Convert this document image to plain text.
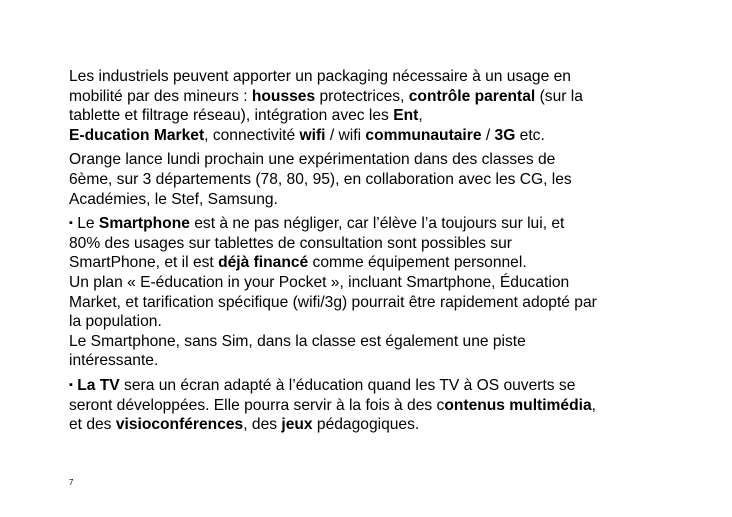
Les industriels peuvent apporter un packaging nécessaire à un usage en
mobilité par des mineurs : housses protectrices, contrôle parental (sur la
tablette et filtrage réseau), intégration avec les Ent,
E-ducation Market, connectivité wifi / wifi communautaire / 3G etc.
Orange lance lundi prochain une expérimentation dans des classes de
6ème, sur 3 départements (78, 80, 95), en collaboration avec les CG, les
Académies, le Stef, Samsung.
▪ Le Smartphone est à ne pas négliger, car l’élève l’a toujours sur lui, et
80% des usages sur tablettes de consultation sont possibles sur
SmartPhone, et il est déjà financé comme équipement personnel.
Un plan « E-éducation in your Pocket », incluant Smartphone, Éducation
Market, et tarification spécifique (wifi/3g) pourrait être rapidement adopté par
la population.
Le Smartphone, sans Sim, dans la classe est également une piste
intéressante.
▪ La TV sera un écran adapté à l’éducation quand les TV à OS ouverts se
seront développées. Elle pourra servir à la fois à des contenus multimédia,
et des visioconférences, des jeux pédagogiques.
7
